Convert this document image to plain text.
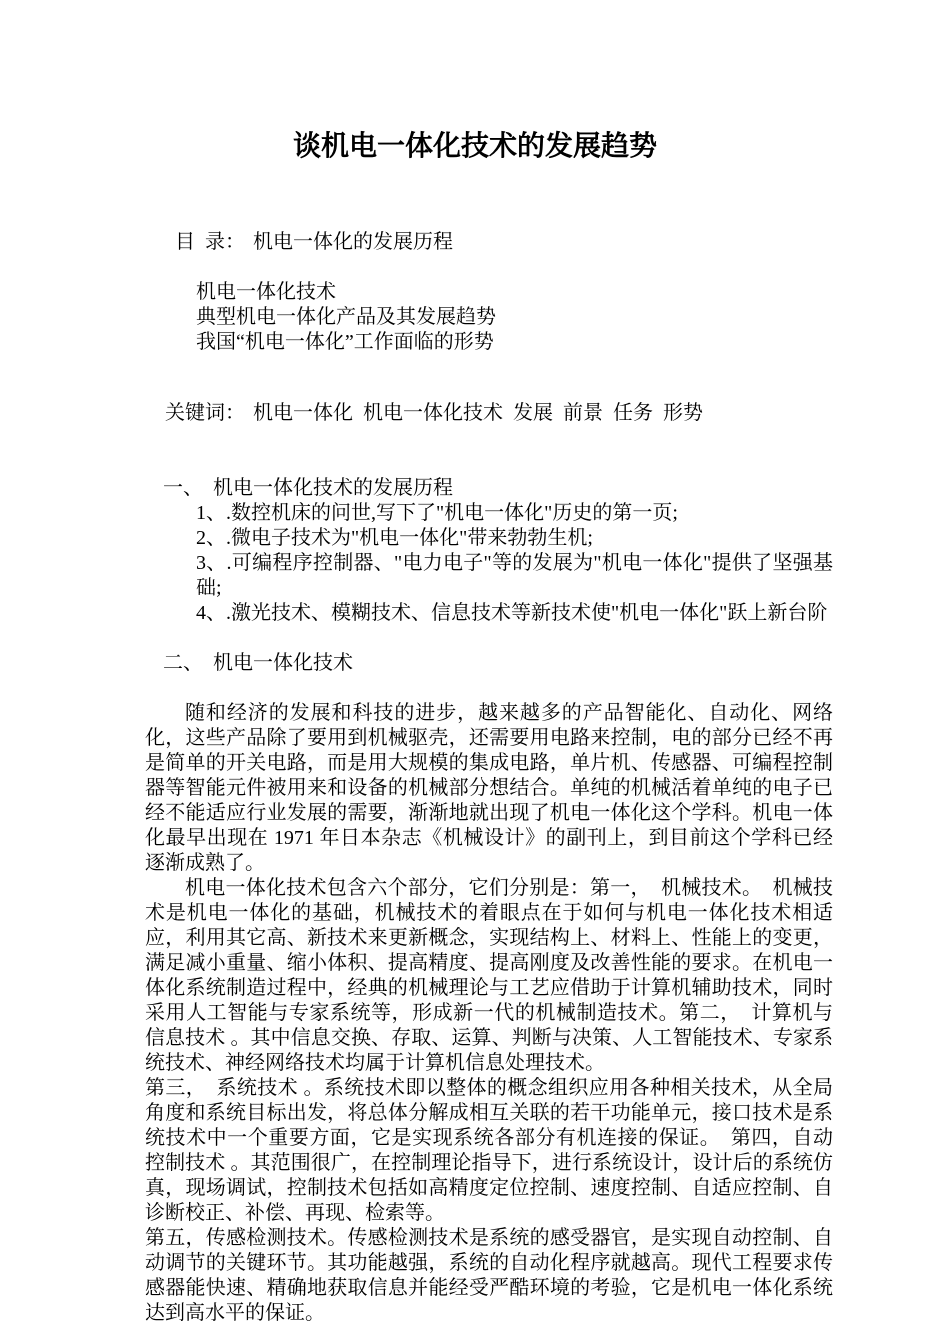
谈机电一体化技术的发展趋势

目  录： 机电一体化的发展历程

机电一体化技术
典型机电一体化产品及其发展趋势
我国“机电一体化”工作面临的形势

关键词： 机电一体化  机电一体化技术  发展  前景  任务  形势

一、　机电一体化技术的发展历程
1、.数控机床的问世,写下了"机电一体化"历史的第一页;
2、.微电子技术为"机电一体化"带来勃勃生机;
3、.可编程序控制器、"电力电子"等的发展为"机电一体化"提供了坚强基础;
4、.激光技术、模糊技术、信息技术等新技术使"机电一体化"跃上新台阶
二、　机电一体化技术
随和经济的发展和科技的进步，越来越多的产品智能化、自动化、网络化，这些产品除了要用到机械驱壳，还需要用电路来控制，电的部分已经不再是简单的开关电路，而是用大规模的集成电路，单片机、传感器、可编程控制器等智能元件被用来和设备的机械部分想结合。单纯的机械活着单纯的电子已经不能适应行业发展的需要，渐渐地就出现了机电一体化这个学科。机电一体化最早出现在 1971 年日本杂志《机械设计》的副刊上，到目前这个学科已经逐渐成熟了。
机电一体化技术包含六个部分，它们分别是：第一，　机械技术。　机械技术是机电一体化的基础，机械技术的着眼点在于如何与机电一体化技术相适应，利用其它高、新技术来更新概念，实现结构上、材料上、性能上的变更，满足减小重量、缩小体积、提高精度、提高刚度及改善性能的要求。在机电一体化系统制造过程中，经典的机械理论与工艺应借助于计算机辅助技术，同时采用人工智能与专家系统等，形成新一代的机械制造技术。第二，　计算机与信息技术 。其中信息交换、存取、运算、判断与决策、人工智能技术、专家系统技术、神经网络技术均属于计算机信息处理技术。
第三，　系统技术 。系统技术即以整体的概念组织应用各种相关技术，从全局角度和系统目标出发，将总体分解成相互关联的若干功能单元，接口技术是系统技术中一个重要方面，它是实现系统各部分有机连接的保证。　第四，自动控制技术 。其范围很广，在控制理论指导下，进行系统设计，设计后的系统仿真，现场调试，控制技术包括如高精度定位控制、速度控制、自适应控制、自诊断校正、补偿、再现、检索等。
第五，传感检测技术。传感检测技术是系统的感受器官，是实现自动控制、自动调节的关键环节。其功能越强，系统的自动化程序就越高。现代工程要求传感器能快速、精确地获取信息并能经受严酷环境的考验，它是机电一体化系统达到高水平的保证。
